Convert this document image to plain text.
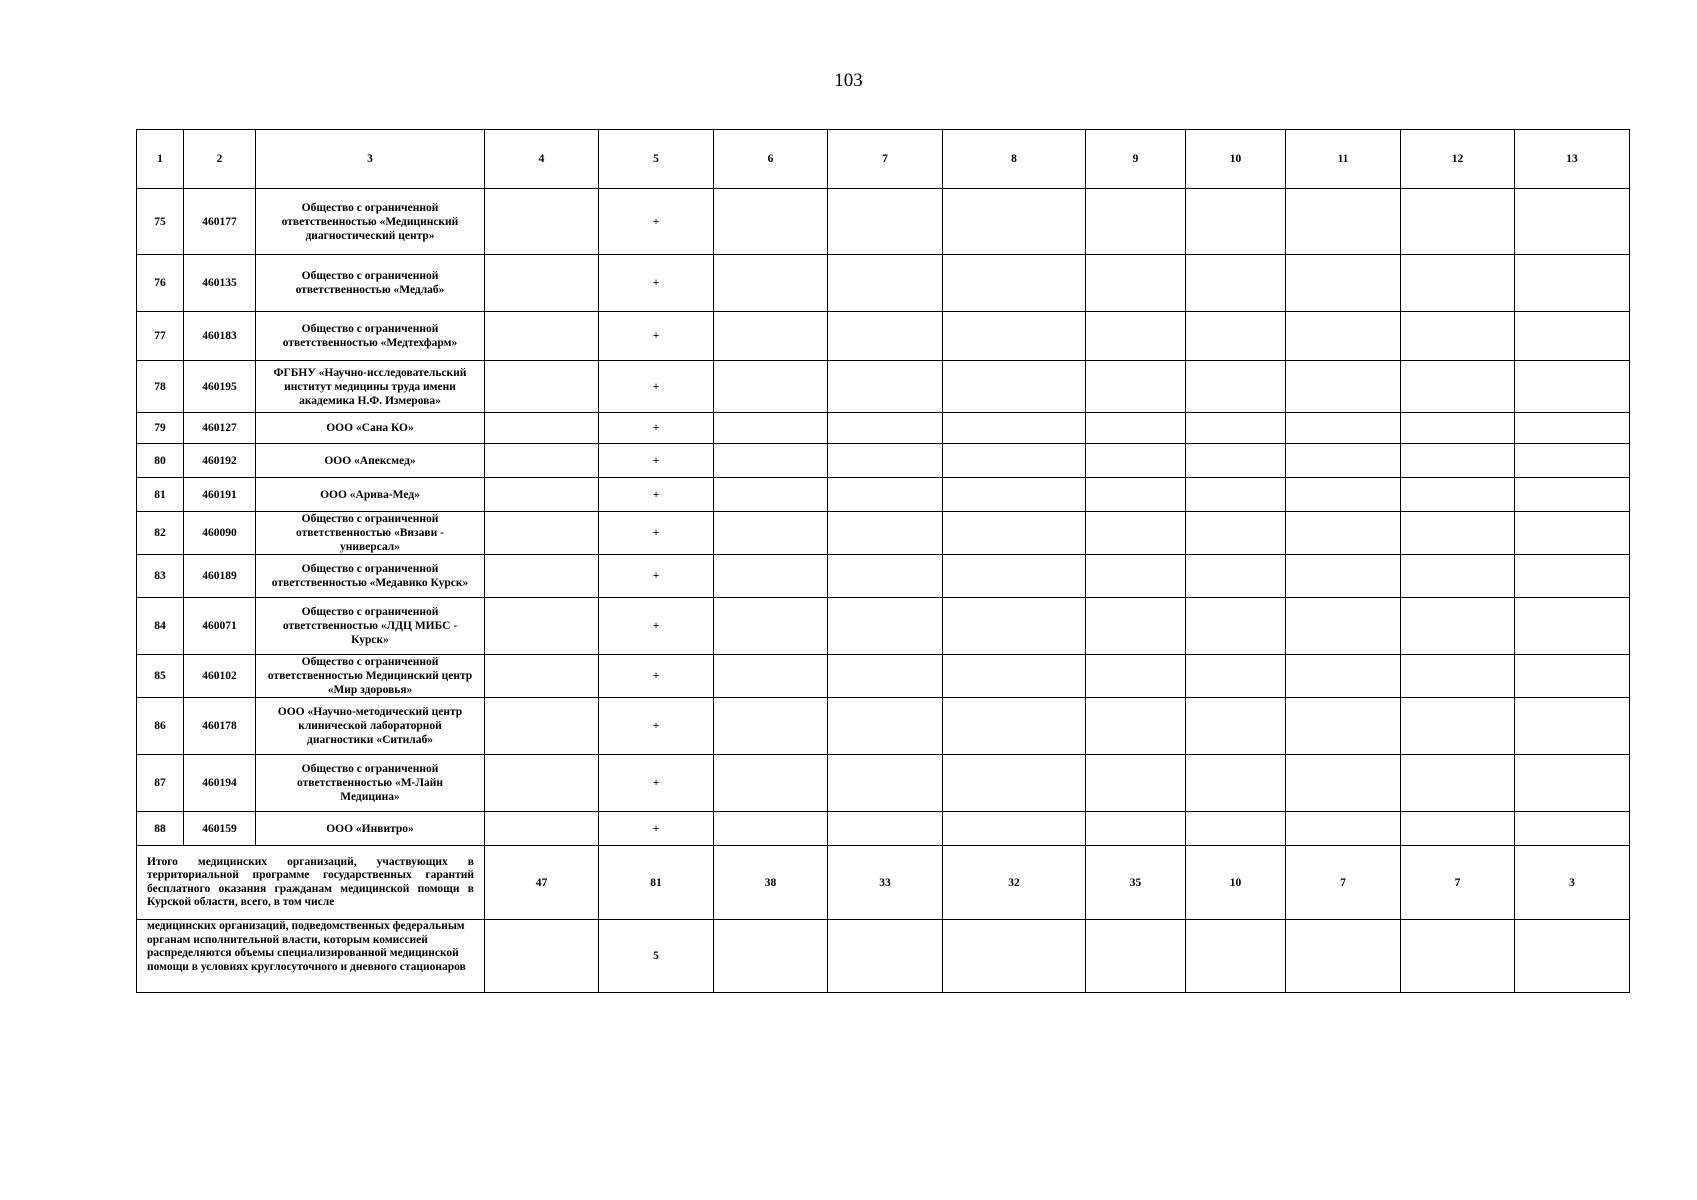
103
1	2	3	4	5	6	7	8	9	10	11	12	13
75	460177	Общество с ограниченной ответственностью «Медицинский диагностический центр»		+								
76	460135	Общество с ограниченной ответственностью «Медлаб»		+								
77	460183	Общество с ограниченной ответственностью «Медтехфарм»		+								
78	460195	ФГБНУ «Научно-исследовательский институт медицины труда имени академика Н.Ф. Измерова»		+								
79	460127	ООО «Сана КО»		+								
80	460192	ООО «Апексмед»		+								
81	460191	ООО «Арива-Мед»		+								
82	460090	Общество с ограниченной ответственностью «Визави - универсал»		+								
83	460189	Общество с ограниченной ответственностью «Медавико Курск»		+								
84	460071	Общество с ограниченной ответственностью «ЛДЦ МИБС - Курск»		+								
85	460102	Общество с ограниченной ответственностью Медицинский центр «Мир здоровья»		+								
86	460178	ООО «Научно-методический центр клинической лабораторной диагностики «Ситилаб»		+								
87	460194	Общество с ограниченной ответственностью «М-Лайн Медицина»		+								
88	460159	ООО «Инвитро»		+								
Итого медицинских организаций, участвующих в территориальной программе государственных гарантий бесплатного оказания гражданам медицинской помощи в Курской области, всего, в том числе			47	81	38	33	32	35	10	7	7	3
медицинских организаций, подведомственных федеральным органам исполнительной власти, которым комиссией распределяются объемы специализированной медицинской помощи в условиях круглосуточного и дневного стационаров				5								
